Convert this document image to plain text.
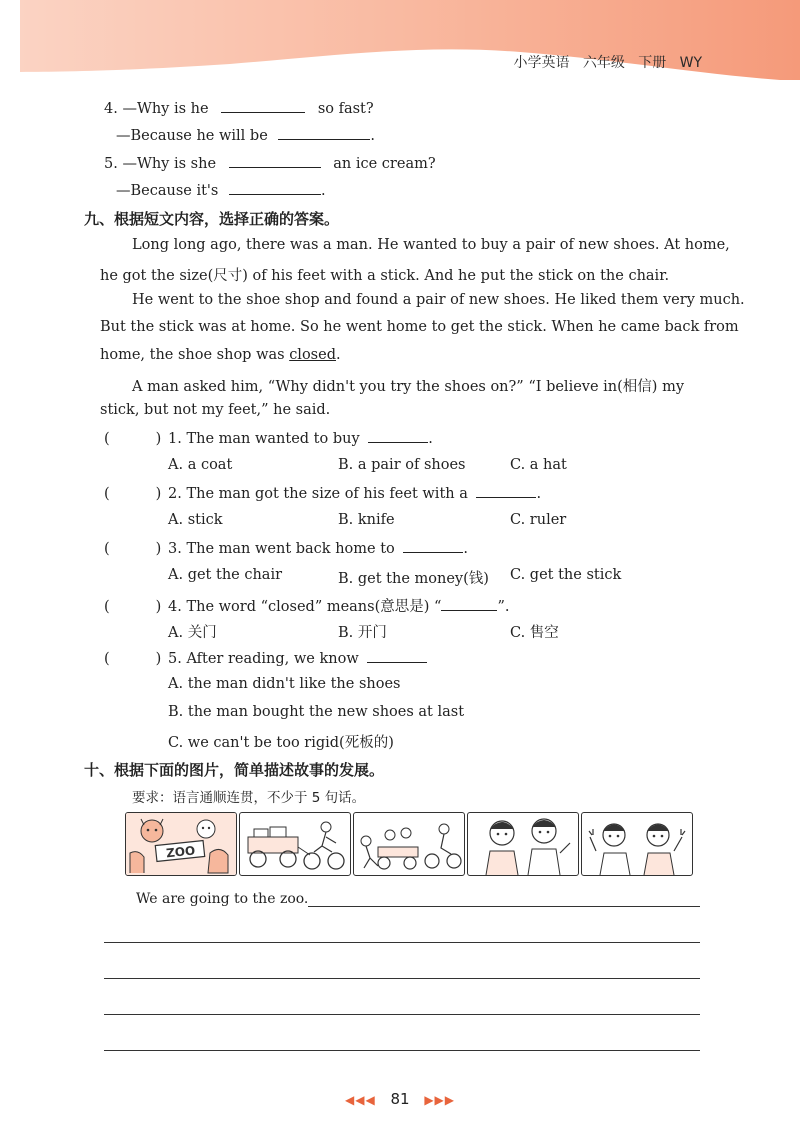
小学英语   六年级   下册   WY
4. —Why is he	so fast?
—Because he will be	.
5. —Why is she	an ice cream?
—Because it's	.
九、根据短文内容，选择正确的答案。
Long long ago, there was a man. He wanted to buy a pair of new shoes. At home,
he got the size(尺寸) of his feet with a stick. And he put the stick on the chair.
He went to the shoe shop and found a pair of new shoes. He liked them very much.
But the stick was at home. So he went home to get the stick. When he came back from
home, the shoe shop was closed.
A man asked him, “Why didn't you try the shoes on?” “I believe in(相信) my
stick, but not my feet,” he said.
(	) 1. The man wanted to buy	.
A. a coat	B. a pair of shoes	C. a hat
(	) 2. The man got the size of his feet with a	.
A. stick	B. knife	C. ruler
(	) 3. The man went back home to	.
A. get the chair	B. get the money(钱) C. get the stick
(	) 4. The word “closed” means(意思是) “	”.
A. 关门	B. 开门	C. 售空
(	) 5. After reading, we know
A. the man didn't like the shoes
B. the man bought the new shoes at last
C. we can't be too rigid(死板的)
十、根据下面的图片，简单描述故事的发展。
要求：语言通顺连贯，不少于 5 句话。
ZOO
We are going to the zoo.
◀◀◀ 81 ▶▶▶
